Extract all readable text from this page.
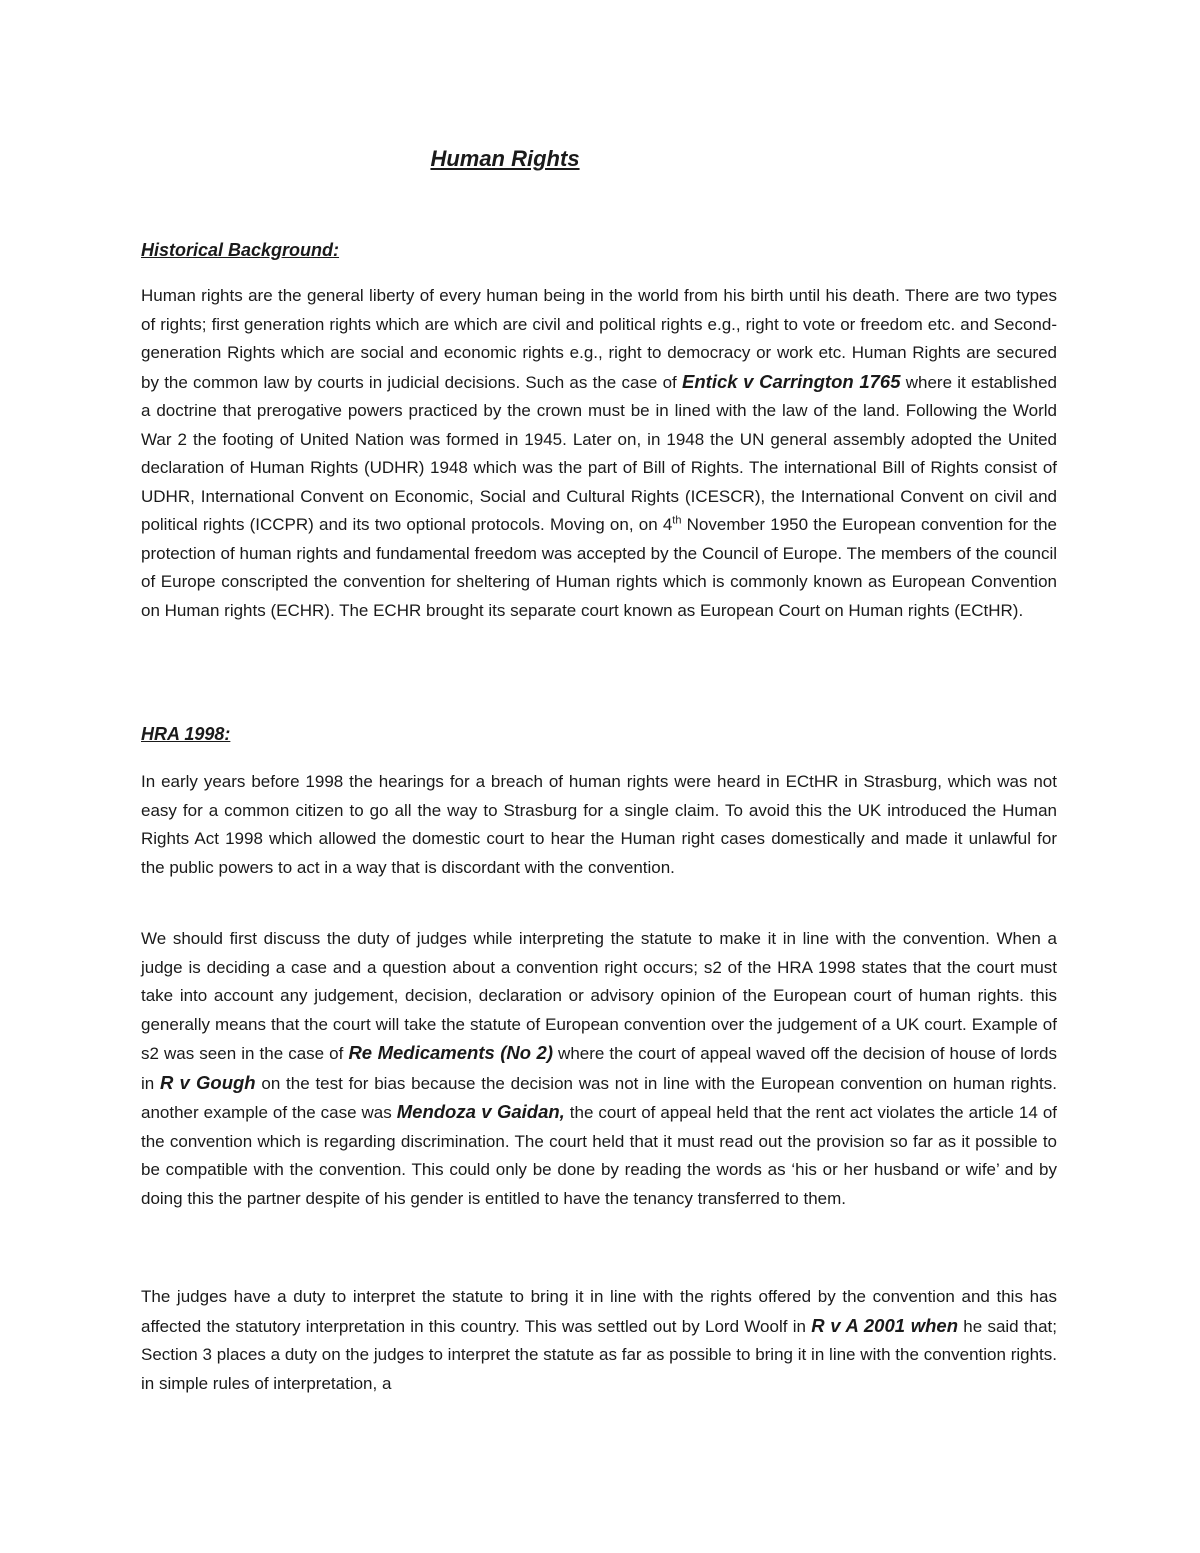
Human Rights
Historical Background:

Human rights are the general liberty of every human being in the world from his birth until his death. There are two types of rights; first generation rights which are which are civil and political rights e.g., right to vote or freedom etc. and Second-generation Rights which are social and economic rights e.g., right to democracy or work etc. Human Rights are secured by the common law by courts in judicial decisions. Such as the case of Entick v Carrington 1765 where it established a doctrine that prerogative powers practiced by the crown must be in lined with the law of the land. Following the World War 2 the footing of United Nation was formed in 1945. Later on, in 1948 the UN general assembly adopted the United declaration of Human Rights (UDHR) 1948 which was the part of Bill of Rights. The international Bill of Rights consist of UDHR, International Convent on Economic, Social and Cultural Rights (ICESCR), the International Convent on civil and political rights (ICCPR) and its two optional protocols. Moving on, on 4th November 1950 the European convention for the protection of human rights and fundamental freedom was accepted by the Council of Europe. The members of the council of Europe conscripted the convention for sheltering of Human rights which is commonly known as European Convention on Human rights (ECHR). The ECHR brought its separate court known as European Court on Human rights (ECtHR).

HRA 1998:

In early years before 1998 the hearings for a breach of human rights were heard in ECtHR in Strasburg, which was not easy for a common citizen to go all the way to Strasburg for a single claim. To avoid this the UK introduced the Human Rights Act 1998 which allowed the domestic court to hear the Human right cases domestically and made it unlawful for the public powers to act in a way that is discordant with the convention.

We should first discuss the duty of judges while interpreting the statute to make it in line with the convention. When a judge is deciding a case and a question about a convention right occurs; s2 of the HRA 1998 states that the court must take into account any judgement, decision, declaration or advisory opinion of the European court of human rights. this generally means that the court will take the statute of European convention over the judgement of a UK court. Example of s2 was seen in the case of Re Medicaments (No 2) where the court of appeal waved off the decision of house of lords in R v Gough on the test for bias because the decision was not in line with the European convention on human rights. another example of the case was Mendoza v Gaidan, the court of appeal held that the rent act violates the article 14 of the convention which is regarding discrimination. The court held that it must read out the provision so far as it possible to be compatible with the convention. This could only be done by reading the words as ‘his or her husband or wife’ and by doing this the partner despite of his gender is entitled to have the tenancy transferred to them.

The judges have a duty to interpret the statute to bring it in line with the rights offered by the convention and this has affected the statutory interpretation in this country. This was settled out by Lord Woolf in R v A 2001 when he said that; Section 3 places a duty on the judges to interpret the statute as far as possible to bring it in line with the convention rights. in simple rules of interpretation, a
